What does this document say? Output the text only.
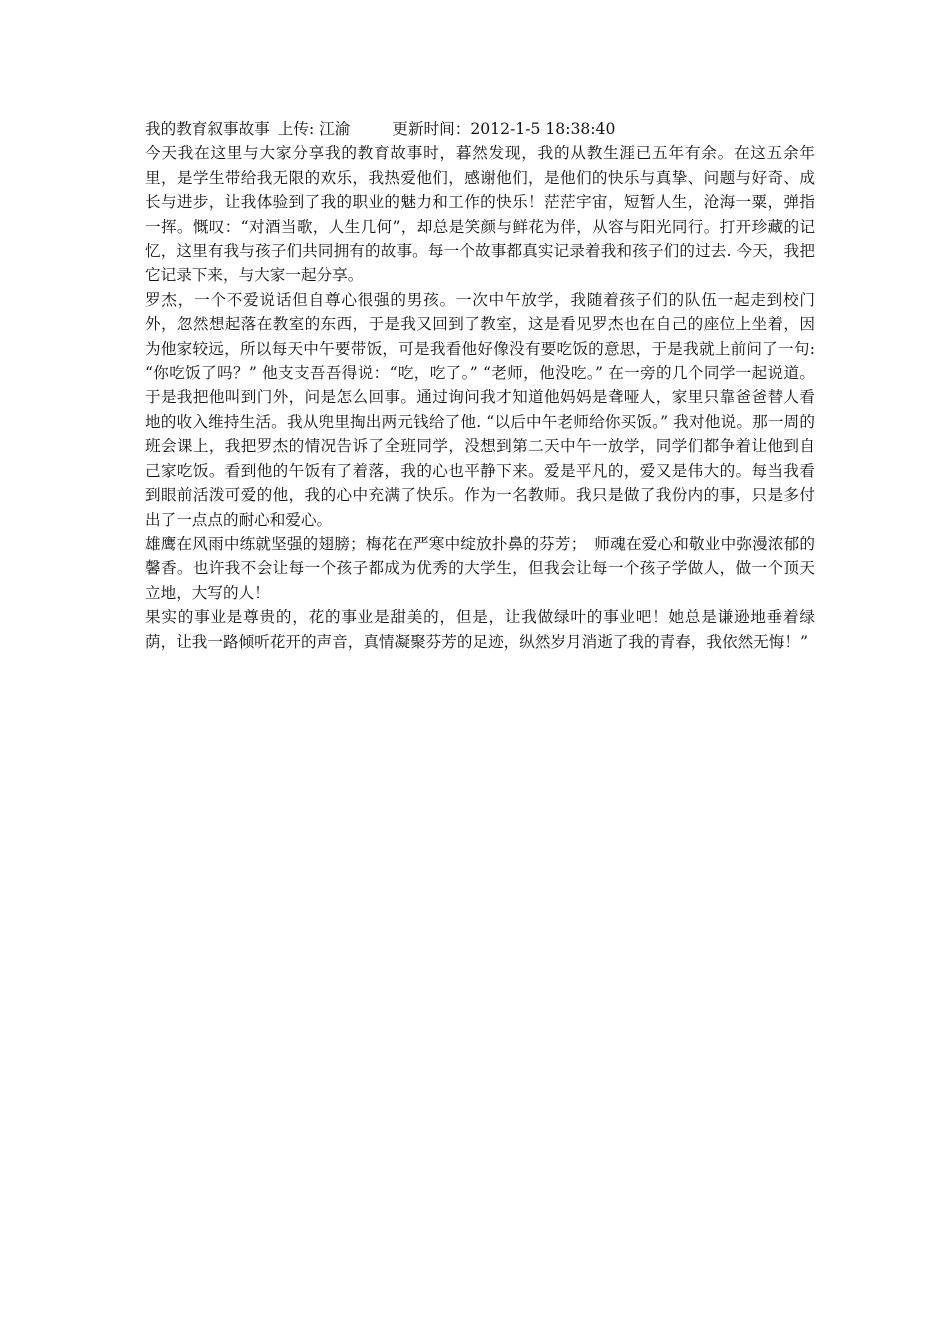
我的教育叙事故事 上传: 江渝	更新时间：2012-1-5 18:38:40

今天我在这里与大家分享我的教育故事时，暮然发现，我的从教生涯已五年有余。在这五余年里，是学生带给我无限的欢乐，我热爱他们，感谢他们，是他们的快乐与真挚、问题与好奇、成长与进步，让我体验到了我的职业的魅力和工作的快乐！茫茫宇宙，短暂人生，沧海一粟，弹指一挥。慨叹：“对酒当歌，人生几何”，却总是笑颜与鲜花为伴，从容与阳光同行。打开珍藏的记忆，这里有我与孩子们共同拥有的故事。每一个故事都真实记录着我和孩子们的过去. 今天，我把它记录下来，与大家一起分享。

罗杰，一个不爱说话但自尊心很强的男孩。一次中午放学，我随着孩子们的队伍一起走到校门外，忽然想起落在教室的东西，于是我又回到了教室，这是看见罗杰也在自己的座位上坐着，因为他家较远，所以每天中午要带饭，可是我看他好像没有要吃饭的意思，于是我就上前问了一句: “你吃饭了吗？” 他支支吾吾得说：“吃，吃了。” “老师，他没吃。” 在一旁的几个同学一起说道。于是我把他叫到门外，问是怎么回事。通过询问我才知道他妈妈是聋哑人，家里只靠爸爸替人看地的收入维持生活。我从兜里掏出两元钱给了他. “以后中午老师给你买饭。” 我对他说。那一周的班会课上，我把罗杰的情况告诉了全班同学，没想到第二天中午一放学，同学们都争着让他到自己家吃饭。看到他的午饭有了着落，我的心也平静下来。爱是平凡的，爱又是伟大的。每当我看到眼前活泼可爱的他，我的心中充满了快乐。作为一名教师。我只是做了我份内的事，只是多付出了一点点的耐心和爱心。

雄鹰在风雨中练就坚强的翅膀；梅花在严寒中绽放扑鼻的芬芳；　师魂在爱心和敬业中弥漫浓郁的馨香。也许我不会让每一个孩子都成为优秀的大学生，但我会让每一个孩子学做人，做一个顶天立地，大写的人！

果实的事业是尊贵的，花的事业是甜美的，但是，让我做绿叶的事业吧！她总是谦逊地垂着绿荫，让我一路倾听花开的声音，真情凝聚芬芳的足迹，纵然岁月消逝了我的青春，我依然无悔！”
